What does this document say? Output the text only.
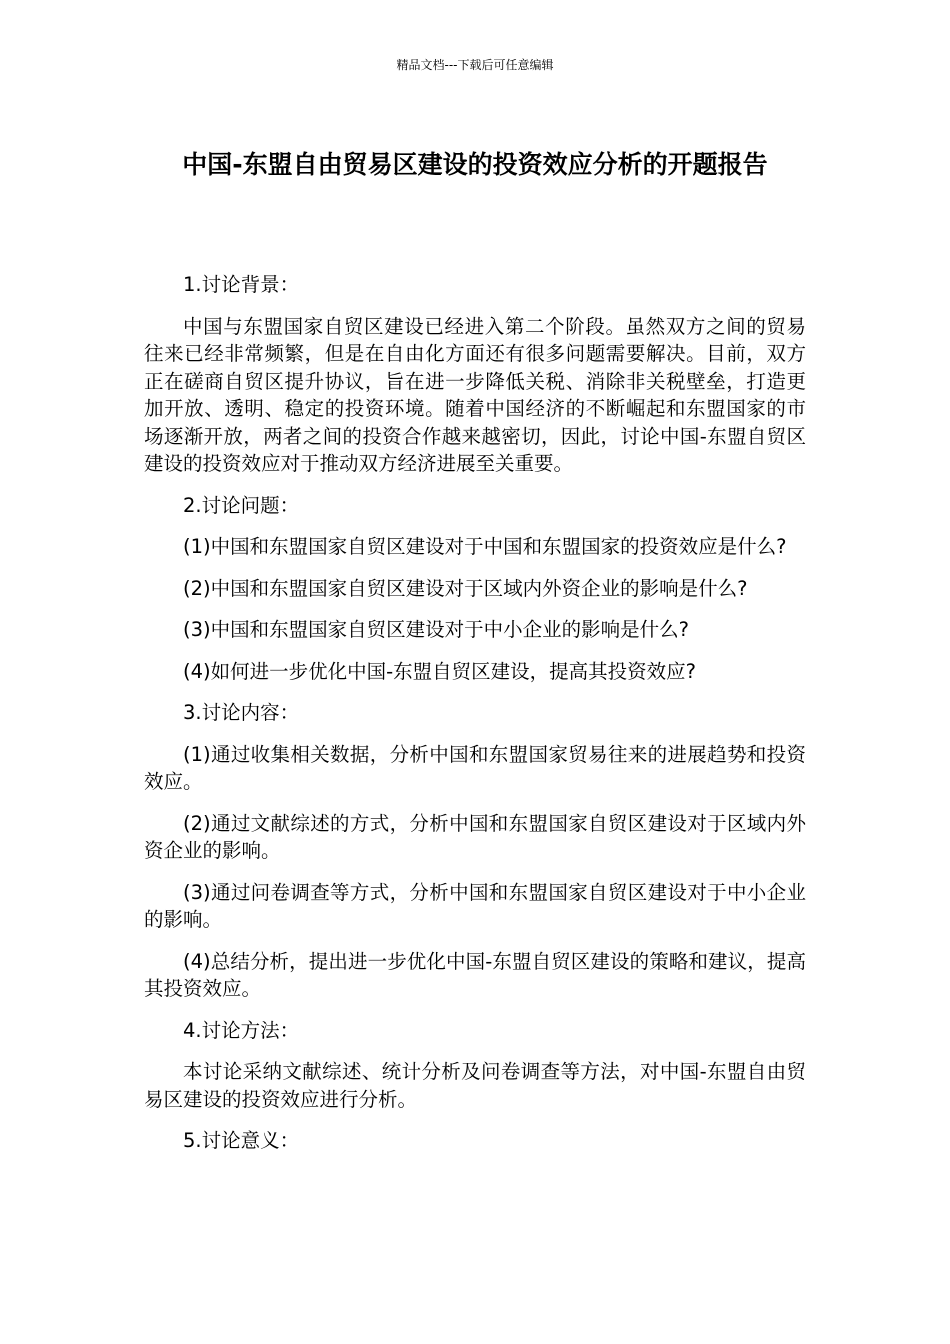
精品文档---下载后可任意编辑
中国-东盟自由贸易区建设的投资效应分析的开题报告

1.讨论背景：

中国与东盟国家自贸区建设已经进入第二个阶段。虽然双方之间的贸易往来已经非常频繁，但是在自由化方面还有很多问题需要解决。目前，双方正在磋商自贸区提升协议，旨在进一步降低关税、消除非关税壁垒，打造更加开放、透明、稳定的投资环境。随着中国经济的不断崛起和东盟国家的市场逐渐开放，两者之间的投资合作越来越密切，因此，讨论中国-东盟自贸区建设的投资效应对于推动双方经济进展至关重要。

2.讨论问题：

(1)中国和东盟国家自贸区建设对于中国和东盟国家的投资效应是什么?

(2)中国和东盟国家自贸区建设对于区域内外资企业的影响是什么?

(3)中国和东盟国家自贸区建设对于中小企业的影响是什么?

(4)如何进一步优化中国-东盟自贸区建设，提高其投资效应?

3.讨论内容：

(1)通过收集相关数据，分析中国和东盟国家贸易往来的进展趋势和投资效应。

(2)通过文献综述的方式，分析中国和东盟国家自贸区建设对于区域内外资企业的影响。

(3)通过问卷调查等方式，分析中国和东盟国家自贸区建设对于中小企业的影响。

(4)总结分析，提出进一步优化中国-东盟自贸区建设的策略和建议，提高其投资效应。

4.讨论方法：

本讨论采纳文献综述、统计分析及问卷调查等方法，对中国-东盟自由贸易区建设的投资效应进行分析。

5.讨论意义：
